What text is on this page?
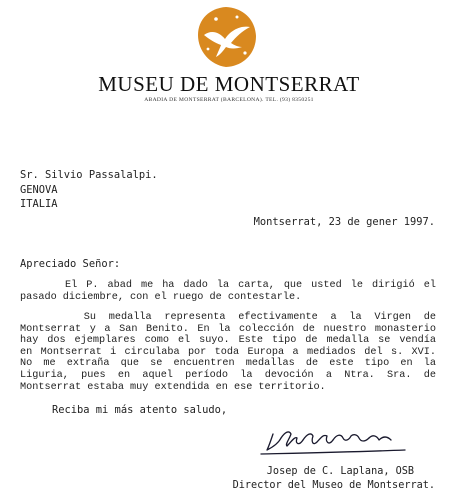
MUSEU DE MONTSERRAT
ABADIA DE MONTSERRAT (BARCELONA). TEL. (93) 8350251
Sr. Silvio Passalalpi.
GENOVA
ITALIA
Montserrat, 23 de gener 1997.
Apreciado Señor:
El P. abad me ha dado la carta, que usted le dirigió el
pasado diciembre, con el ruego de contestarle.
Su medalla representa efectivamente a la Virgen de
Montserrat y a San Benito. En la colección de nuestro monasterio
hay dos ejemplares como el suyo. Este tipo de medalla se vendía
en Montserrat i circulaba por toda Europa a mediados del s. XVI.
No me extraña que se encuentren medallas de este tipo en la
Liguria, pues en aquel período la devoción a Ntra. Sra. de
Montserrat estaba muy extendida en ese territorio.
Reciba mi más atento saludo,
Josep de C. Laplana, OSB
Director del Museo de Montserrat.
